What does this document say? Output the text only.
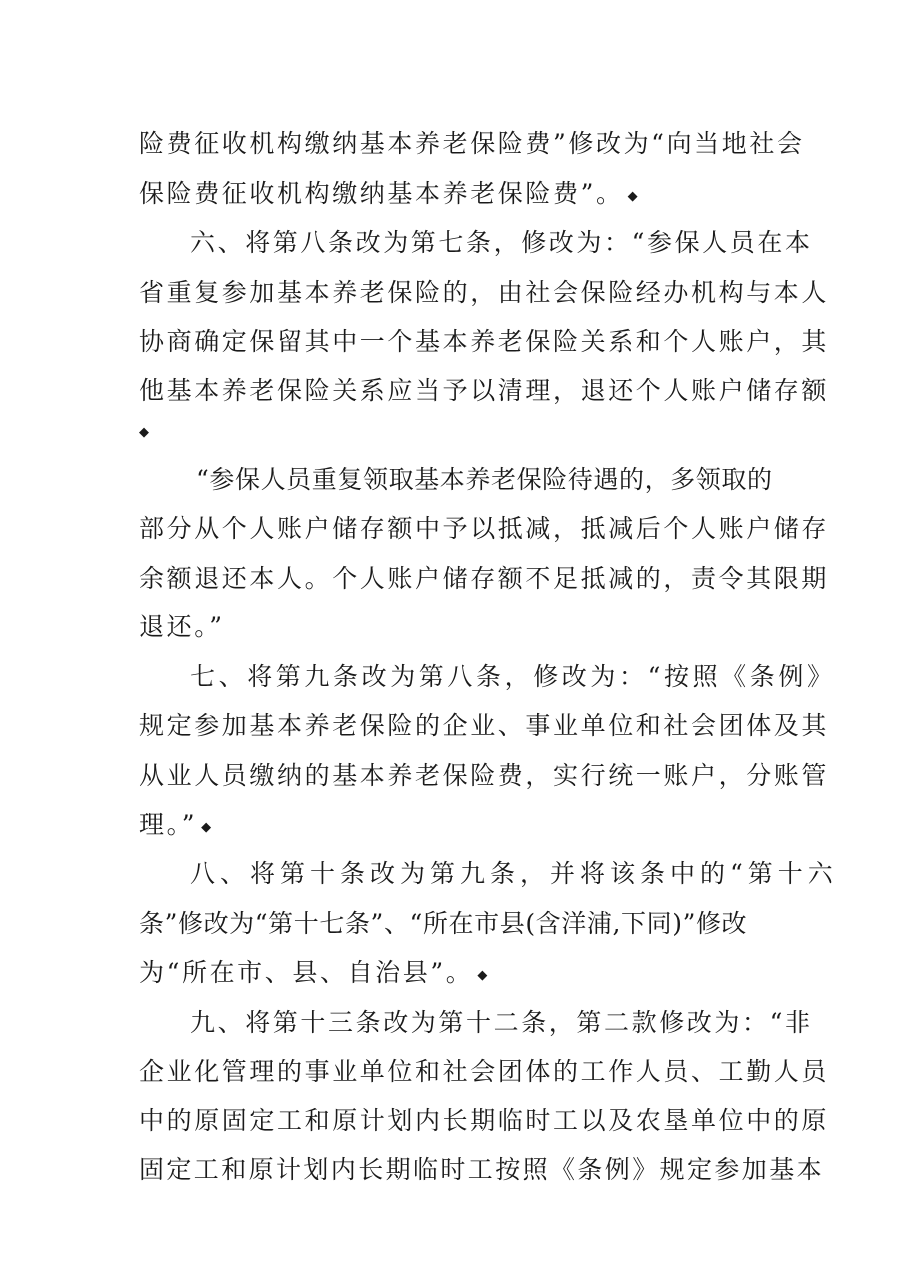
险费征收机构缴纳基本养老保险费”修改为“向当地社会
保险费征收机构缴纳基本养老保险费”。 ◆
六、将第八条改为第七条，修改为：“参保人员在本
省重复参加基本养老保险的，由社会保险经办机构与本人
协商确定保留其中一个基本养老保险关系和个人账户，其
他基本养老保险关系应当予以清理，退还个人账户储存额
◆
“参保人员重复领取基本养老保险待遇的，多领取的
部分从个人账户储存额中予以抵减，抵减后个人账户储存
余额退还本人。个人账户储存额不足抵减的，责令其限期
退还。”
七、将第九条改为第八条，修改为：“按照《条例》
规定参加基本养老保险的企业、事业单位和社会团体及其
从业人员缴纳的基本养老保险费，实行统一账户，分账管
理。” ◆
八、将第十条改为第九条，并将该条中的“第十六
条”修改为“第十七条”、“所在市县(含洋浦,下同)”修改
为“所在市、县、自治县”。 ◆
九、将第十三条改为第十二条，第二款修改为：“非
企业化管理的事业单位和社会团体的工作人员、工勤人员
中的原固定工和原计划内长期临时工以及农垦单位中的原
固定工和原计划内长期临时工按照《条例》规定参加基本
